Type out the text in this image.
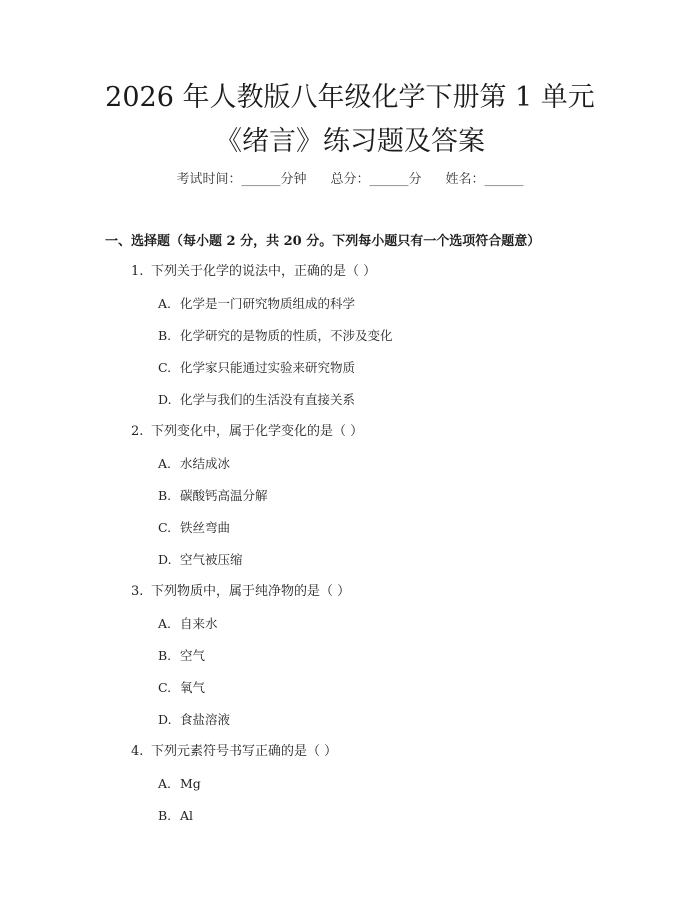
2026 年人教版八年级化学下册第 1 单元《绪言》练习题及答案
考试时间：______分钟 总分：______分 姓名：______
一、选择题（每小题 2 分，共 20 分。下列每小题只有一个选项符合题意）
1. 下列关于化学的说法中，正确的是（ ）
A. 化学是一门研究物质组成的科学
B. 化学研究的是物质的性质，不涉及变化
C. 化学家只能通过实验来研究物质
D. 化学与我们的生活没有直接关系
2. 下列变化中，属于化学变化的是（ ）
A. 水结成冰
B. 碳酸钙高温分解
C. 铁丝弯曲
D. 空气被压缩
3. 下列物质中，属于纯净物的是（ ）
A. 自来水
B. 空气
C. 氧气
D. 食盐溶液
4. 下列元素符号书写正确的是（ ）
A. Mg
B. Al
